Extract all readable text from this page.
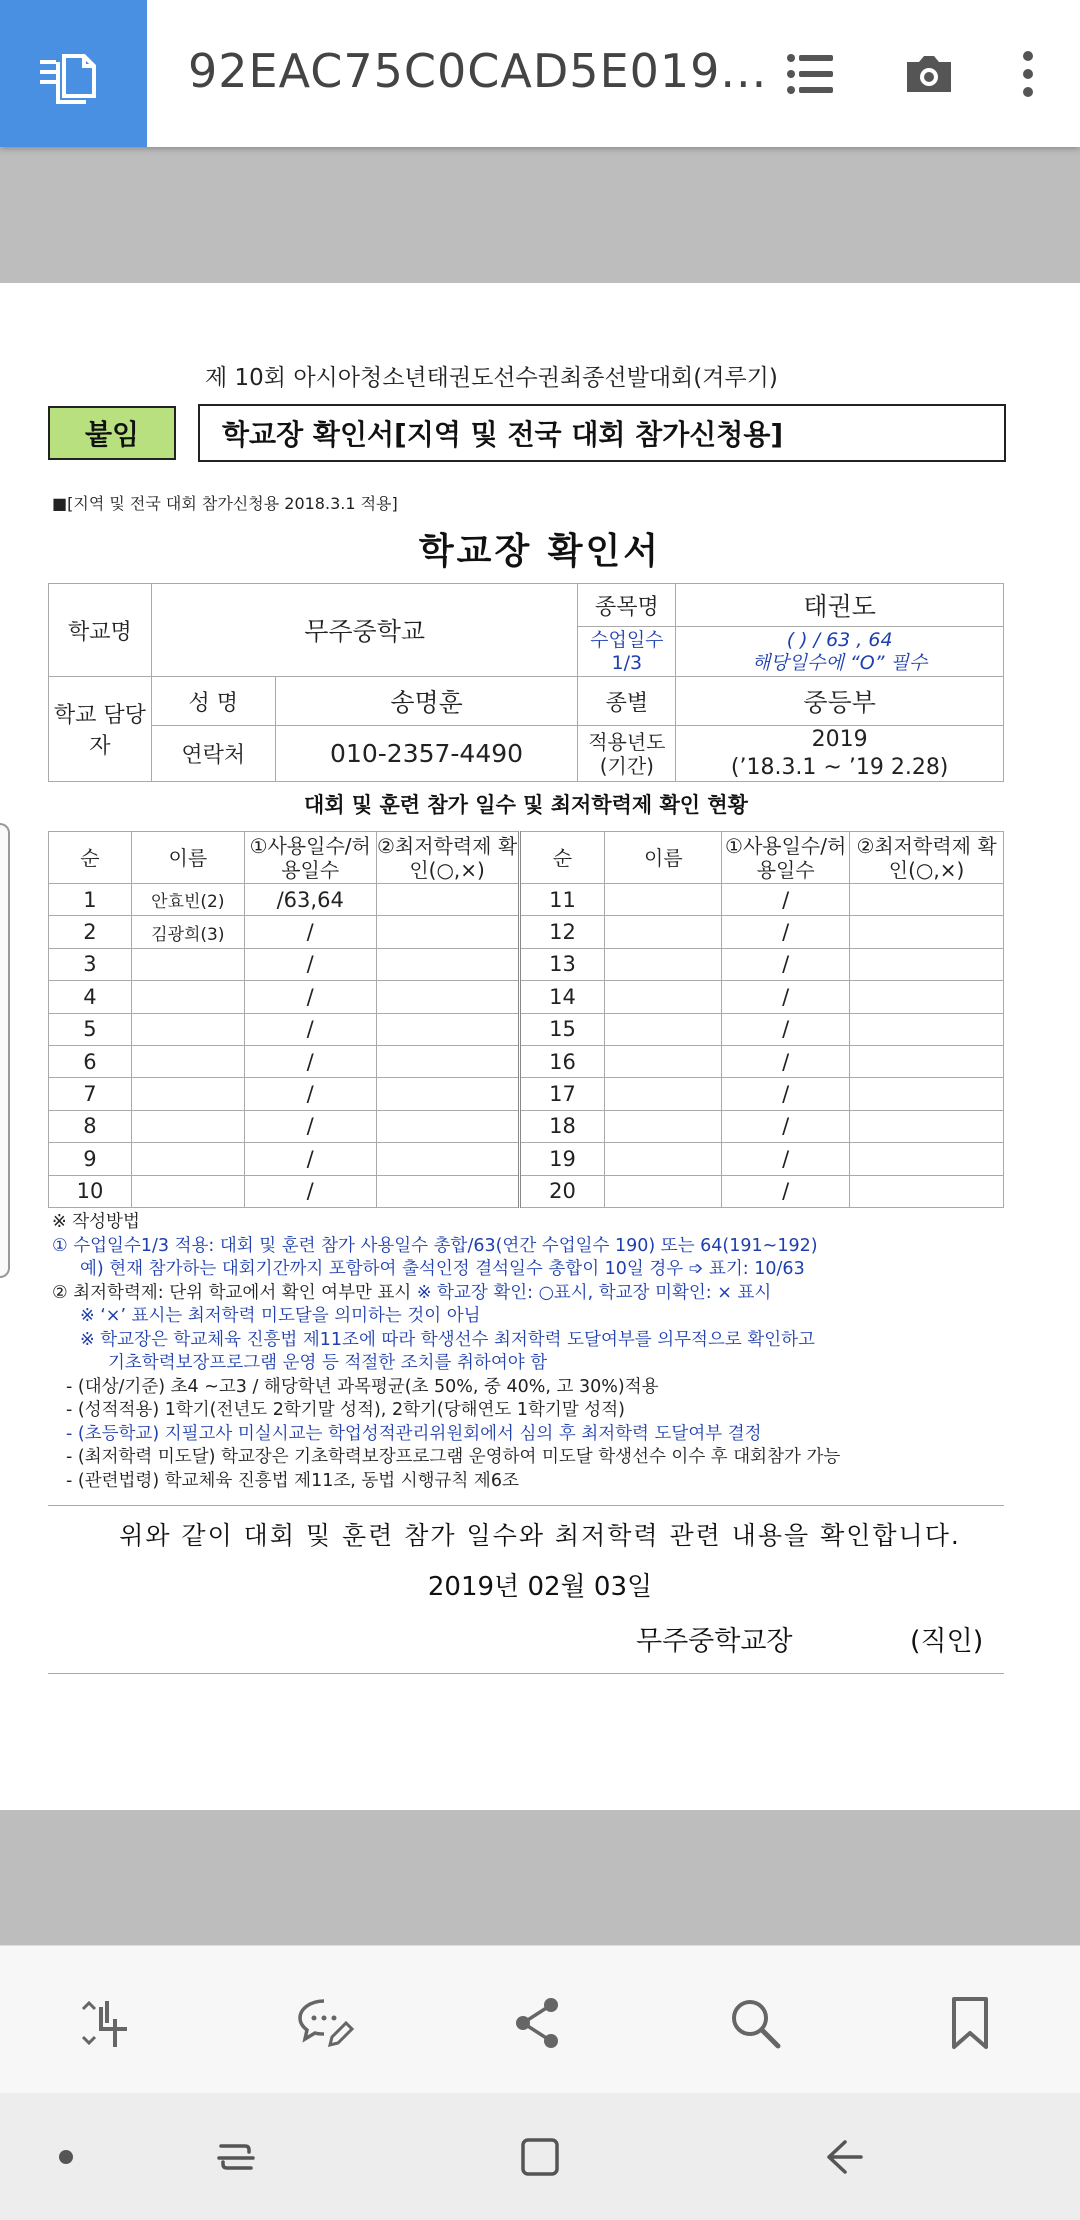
92EAC75C0CAD5E019...
제 10회 아시아청소년태권도선수권최종선발대회(겨루기)
붙임	학교장 확인서[지역 및 전국 대회 참가신청용]
■[지역 및 전국 대회 참가신청용 2018.3.1 적용]
학교장 확인서
학교명	무주중학교		종목명	태권도
			수업일수 1/3	( ) / 63 , 64
해당일수에 “O” 필수

학교 담당자	성 명	송명훈	종별	중등부
	연락처	010-2357-4490	적용년도 (기간)	2019
(’18.3.1 ~ ’19 2.28)
대회 및 훈련 참가 일수 및 최저학력제 확인 현황
순	이름	①사용일수/허용일수	②최저학력제 확인(○,×)	순	이름	①사용일수/허용일수	②최저학력제 확인(○,×)
1	안효빈(2)	/63,64		11		/	
2	김광희(3)	/		12		/	
3		/		13		/	
4		/		14		/	
5		/		15		/	
6		/		16		/	
7		/		17		/	
8		/		18		/	
9		/		19		/	
10		/		20		/	
※ 작성방법
① 수업일수1/3 적용: 대회 및 훈련 참가 사용일수 총합/63(연간 수업일수 190) 또는 64(191~192)
예) 현재 참가하는 대회기간까지 포함하여 출석인정 결석일수 총합이 10일 경우 ➩ 표기: 10/63
② 최저학력제: 단위 학교에서 확인 여부만 표시 ※ 학교장 확인: ○표시, 학교장 미확인: × 표시
※ ‘×’ 표시는 최저학력 미도달을 의미하는 것이 아님
※ 학교장은 학교체육 진흥법 제11조에 따라 학생선수 최저학력 도달여부를 의무적으로 확인하고
기초학력보장프로그램 운영 등 적절한 조치를 취하여야 함
- (대상/기준) 초4 ~고3 / 해당학년 과목평균(초 50%, 중 40%, 고 30%)적용
- (성적적용) 1학기(전년도 2학기말 성적), 2학기(당해연도 1학기말 성적)
- (초등학교) 지필고사 미실시교는 학업성적관리위원회에서 심의 후 최저학력 도달여부 결정
- (최저학력 미도달) 학교장은 기초학력보장프로그램 운영하여 미도달 학생선수 이수 후 대회참가 가능
- (관련법령) 학교체육 진흥법 제11조, 동법 시행규칙 제6조
위와 같이 대회 및 훈련 참가 일수와 최저학력 관련 내용을 확인합니다.
2019년 02월 03일
무주중학교장	(직인)
